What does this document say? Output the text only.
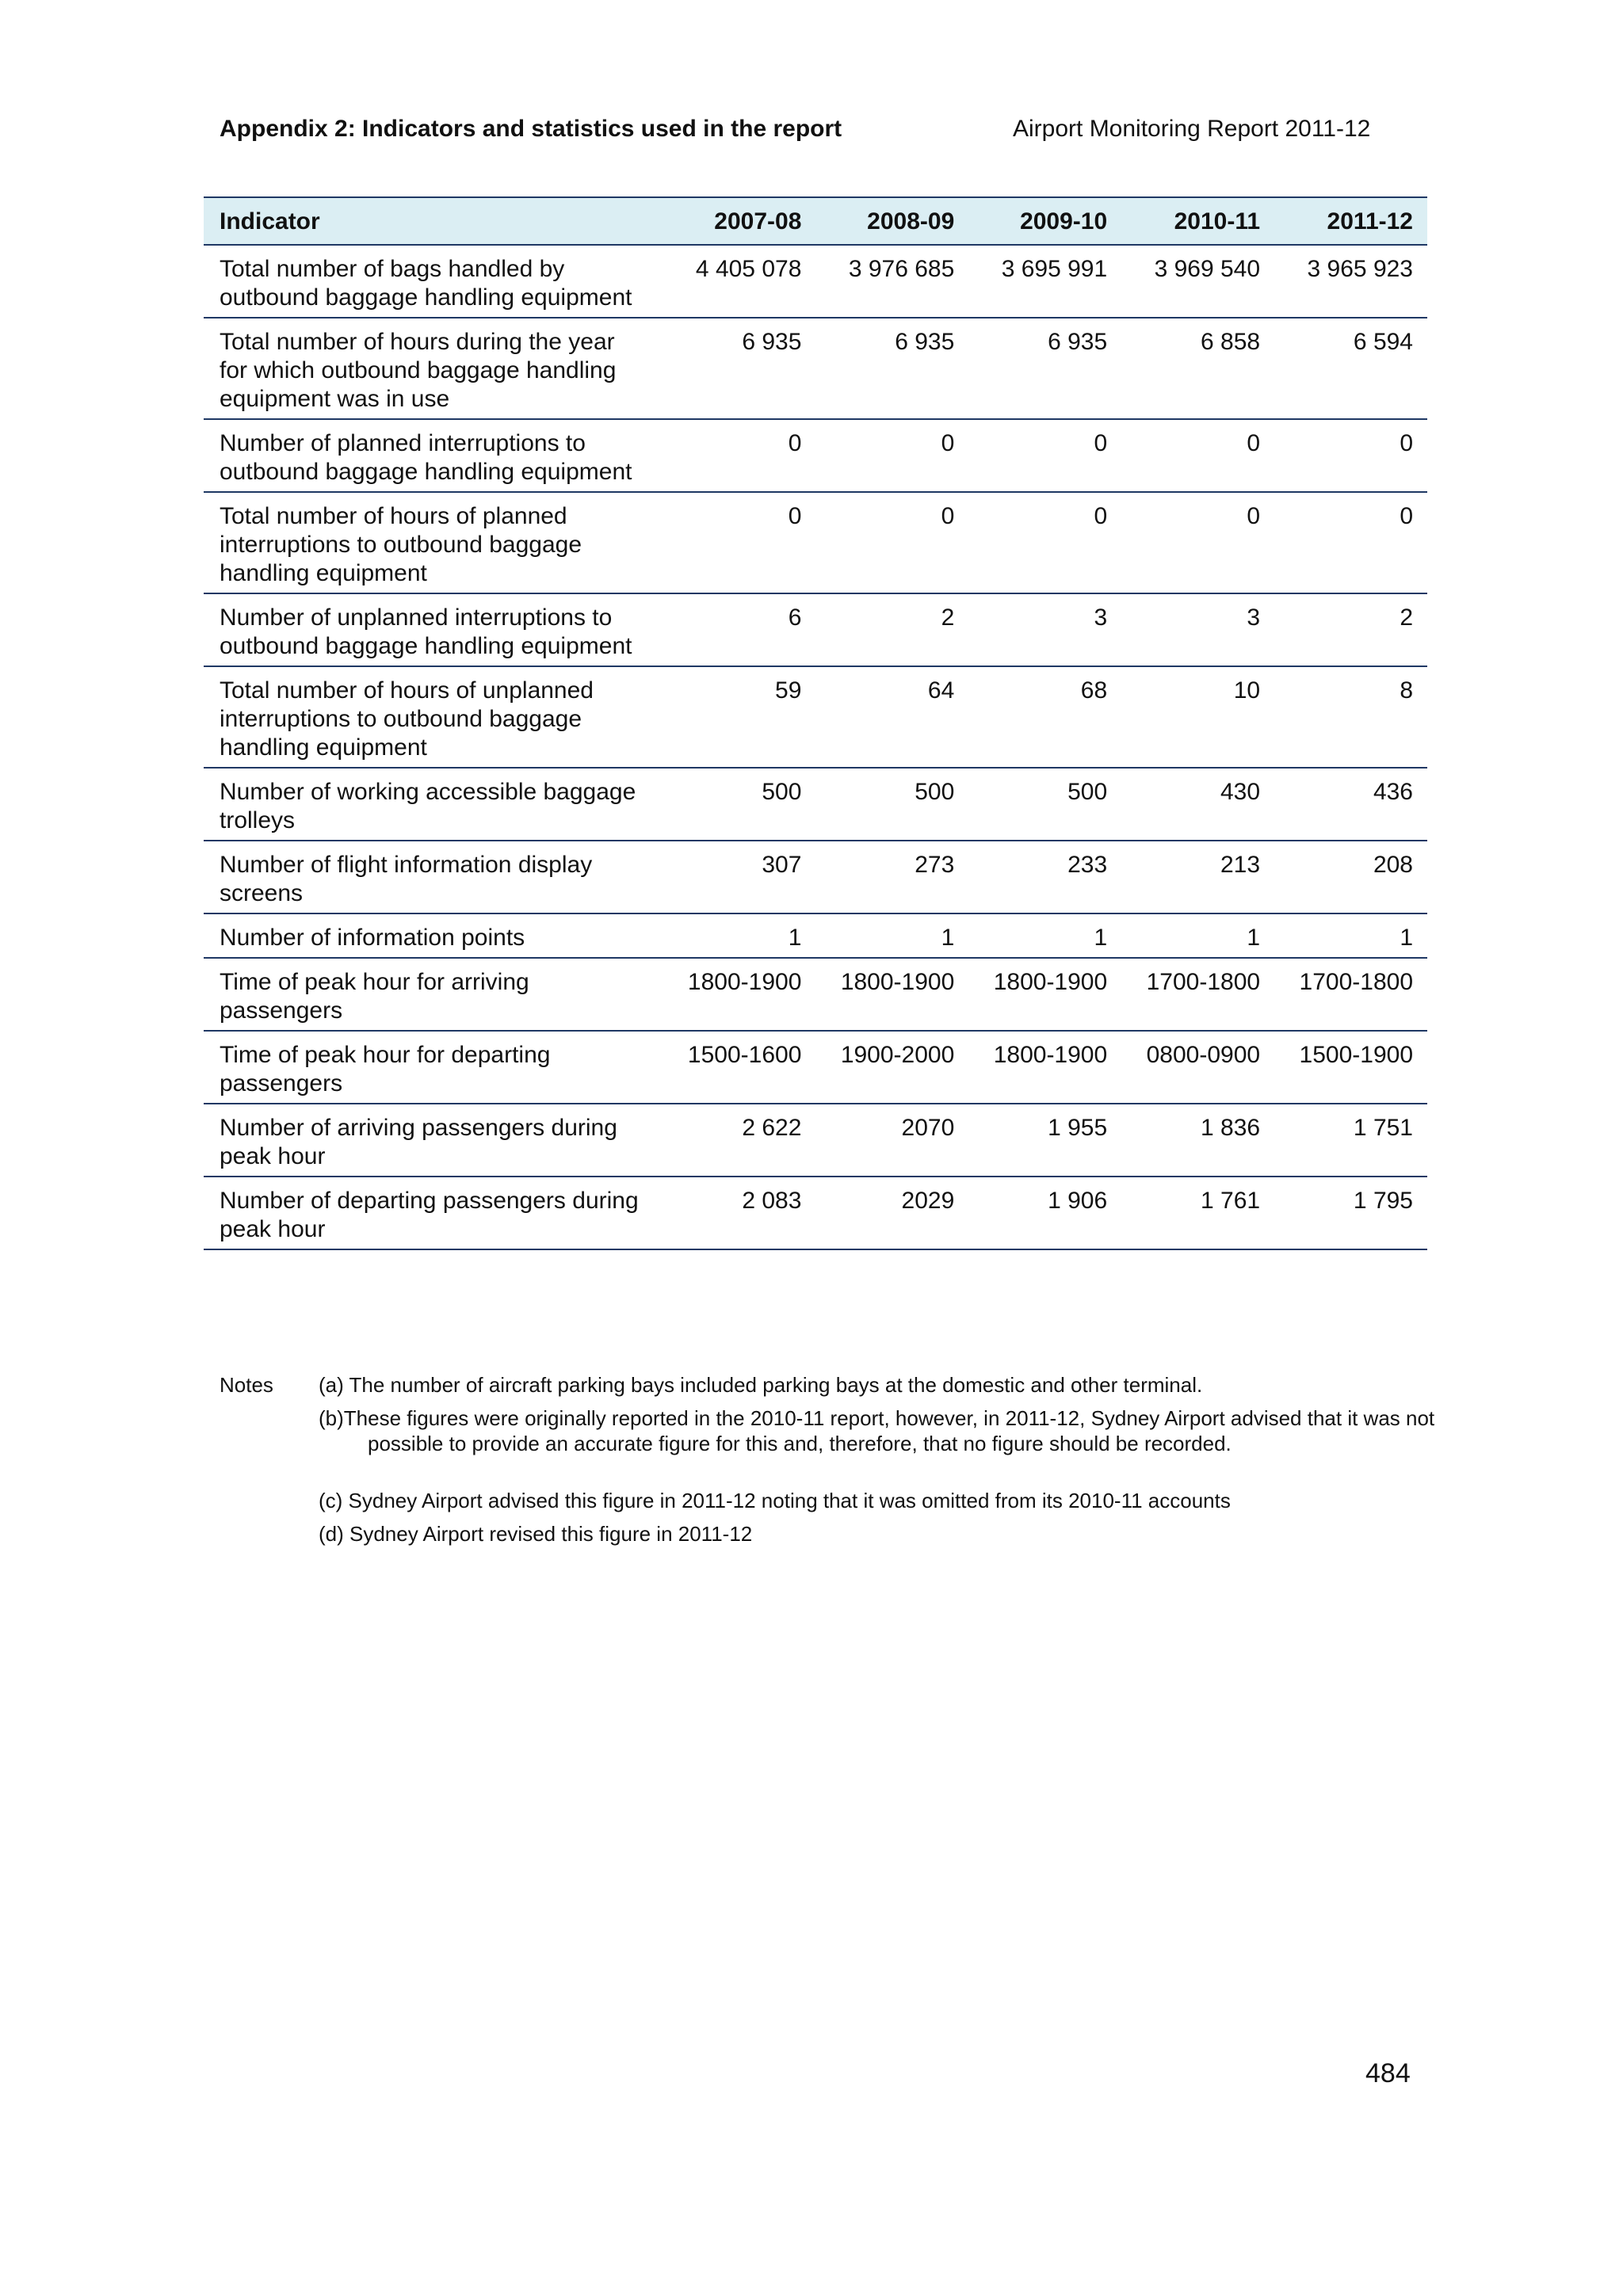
Appendix 2: Indicators and statistics used in the report	Airport Monitoring Report 2011-12
Indicator	2007-08	2008-09	2009-10	2010-11	2011-12
Total number of bags handled by outbound baggage handling equipment	4 405 078	3 976 685	3 695 991	3 969 540	3 965 923
Total number of hours during the year for which outbound baggage handling equipment was in use	6 935	6 935	6 935	6 858	6 594
Number of planned interruptions to outbound baggage handling equipment	0	0	0	0	0
Total number of hours of planned interruptions to outbound baggage handling equipment	0	0	0	0	0
Number of unplanned interruptions to outbound baggage handling equipment	6	2	3	3	2
Total number of hours of unplanned interruptions to outbound baggage handling equipment	59	64	68	10	8
Number of working accessible baggage trolleys	500	500	500	430	436
Number of flight information display screens	307	273	233	213	208
Number of information points	1	1	1	1	1
Time of peak hour for arriving passengers	1800-1900	1800-1900	1800-1900	1700-1800	1700-1800
Time of peak hour for departing passengers	1500-1600	1900-2000	1800-1900	0800-0900	1500-1900
Number of arriving passengers during peak hour	2 622	2070	1 955	1 836	1 751
Number of departing passengers during peak hour	2 083	2029	1 906	1 761	1 795
Notes (a) The number of aircraft parking bays included parking bays at the domestic and other terminal.
(b)These figures were originally reported in the 2010-11 report, however, in 2011-12, Sydney Airport advised that it was not possible to provide an accurate figure for this and, therefore, that no figure should be recorded.
(c) Sydney Airport advised this figure in 2011-12 noting that it was omitted from its 2010-11 accounts
(d) Sydney Airport revised this figure in 2011-12
484
